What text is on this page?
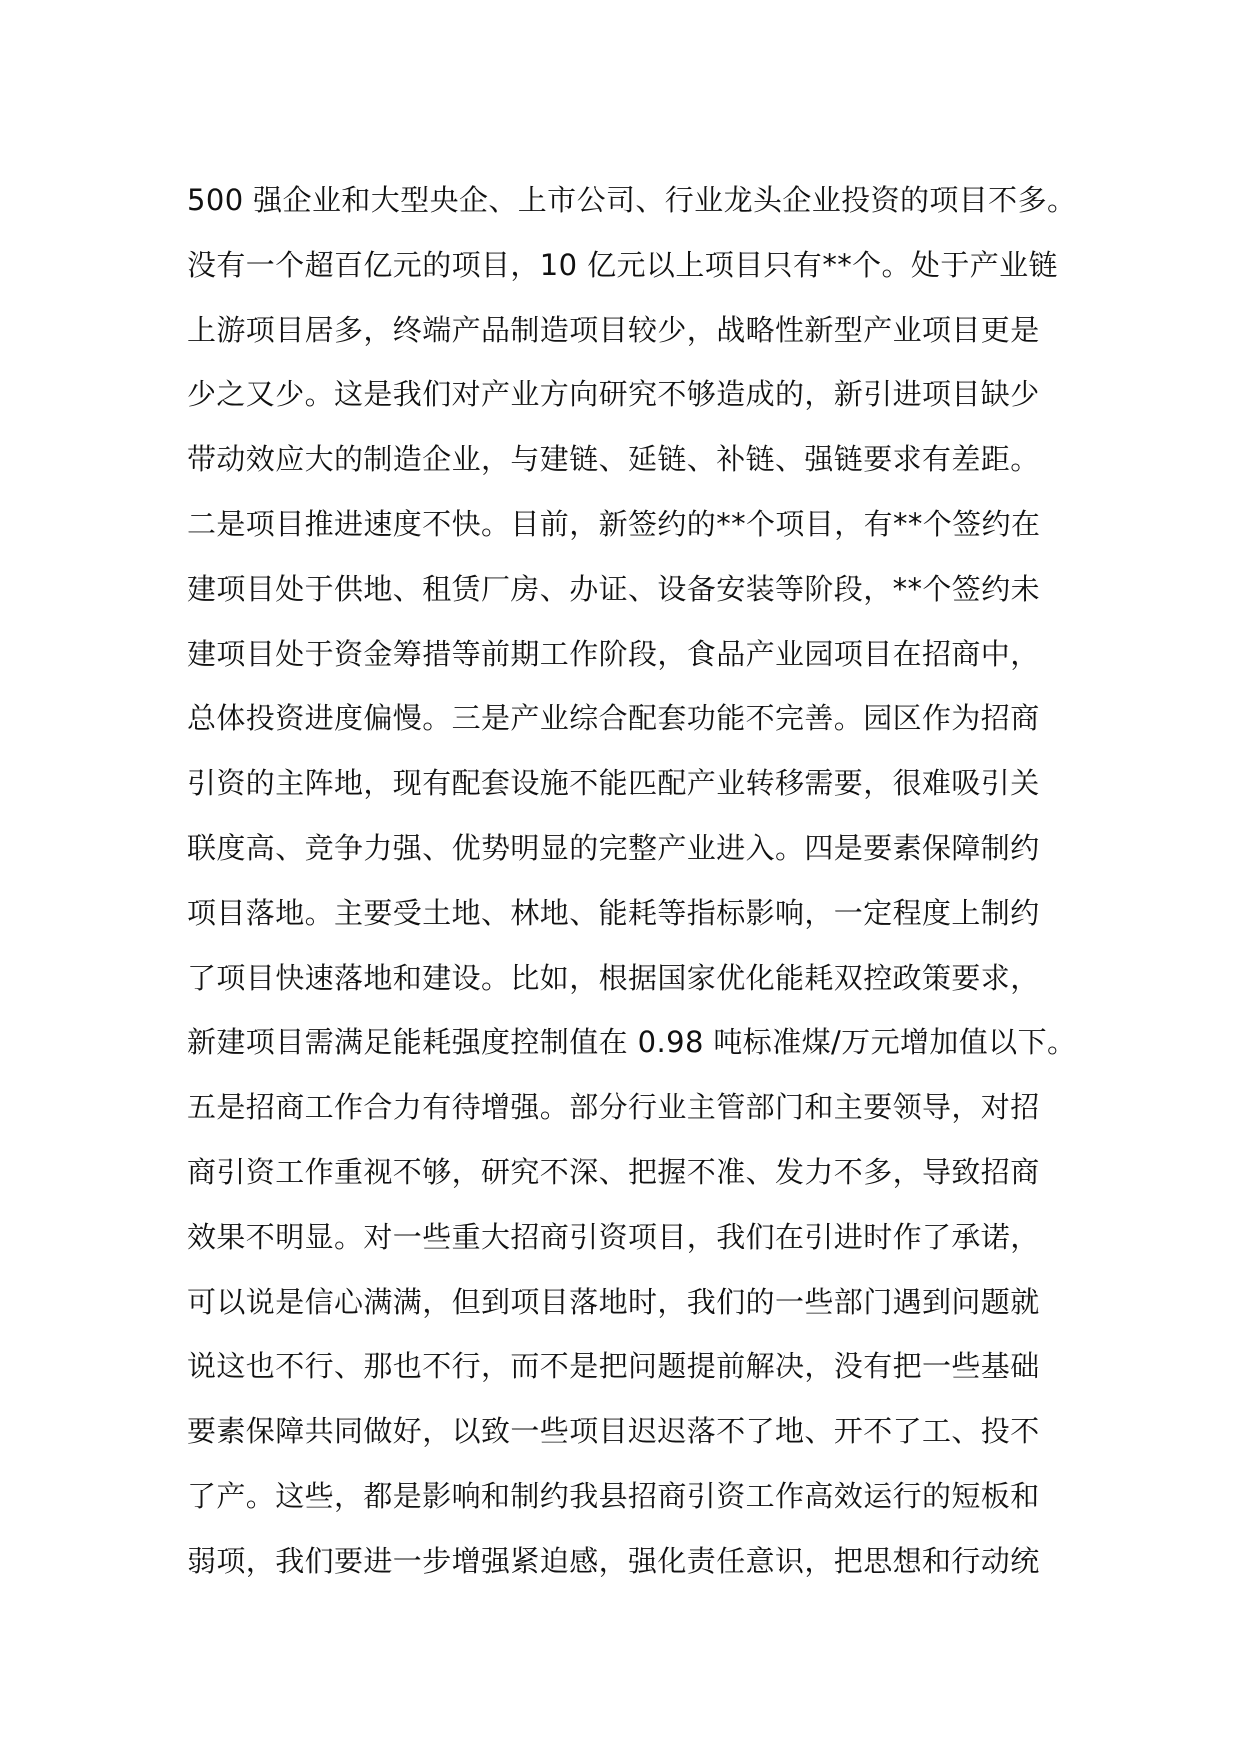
500 强企业和大型央企、上市公司、行业龙头企业投资的项目不多。
没有一个超百亿元的项目，10 亿元以上项目只有**个。处于产业链
上游项目居多，终端产品制造项目较少，战略性新型产业项目更是
少之又少。这是我们对产业方向研究不够造成的，新引进项目缺少
带动效应大的制造企业，与建链、延链、补链、强链要求有差距。
二是项目推进速度不快。目前，新签约的**个项目，有**个签约在
建项目处于供地、租赁厂房、办证、设备安装等阶段，**个签约未
建项目处于资金筹措等前期工作阶段，食品产业园项目在招商中，
总体投资进度偏慢。三是产业综合配套功能不完善。园区作为招商
引资的主阵地，现有配套设施不能匹配产业转移需要，很难吸引关
联度高、竞争力强、优势明显的完整产业进入。四是要素保障制约
项目落地。主要受土地、林地、能耗等指标影响，一定程度上制约
了项目快速落地和建设。比如，根据国家优化能耗双控政策要求，
新建项目需满足能耗强度控制值在 0.98 吨标准煤/万元增加值以下。
五是招商工作合力有待增强。部分行业主管部门和主要领导，对招
商引资工作重视不够，研究不深、把握不准、发力不多，导致招商
效果不明显。对一些重大招商引资项目，我们在引进时作了承诺，
可以说是信心满满，但到项目落地时，我们的一些部门遇到问题就
说这也不行、那也不行，而不是把问题提前解决，没有把一些基础
要素保障共同做好，以致一些项目迟迟落不了地、开不了工、投不
了产。这些，都是影响和制约我县招商引资工作高效运行的短板和
弱项，我们要进一步增强紧迫感，强化责任意识，把思想和行动统
